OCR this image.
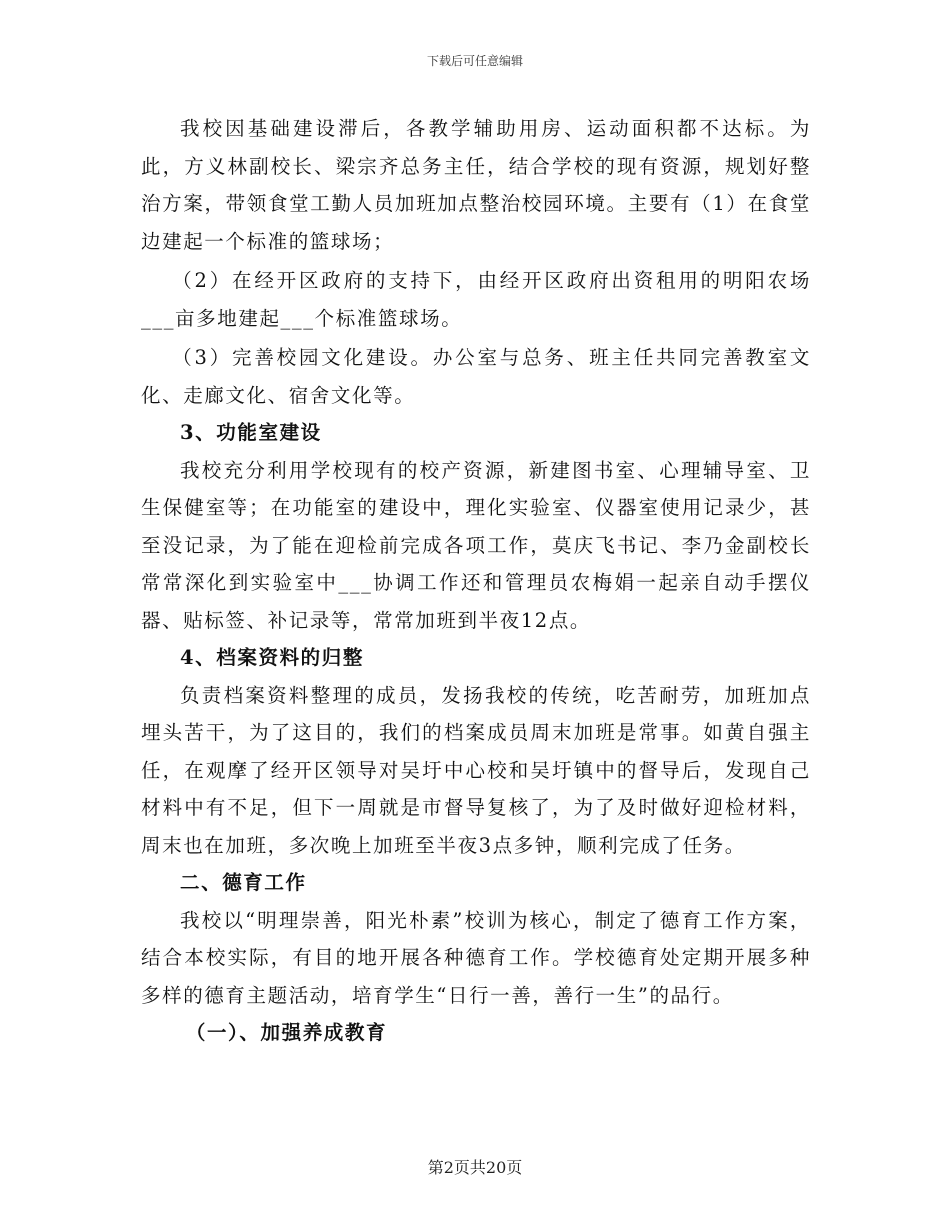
下载后可任意编辑

我校因基础建设滞后，各教学辅助用房、运动面积都不达标。为此，方义林副校长、梁宗齐总务主任，结合学校的现有资源，规划好整治方案，带领食堂工勤人员加班加点整治校园环境。主要有（1）在食堂边建起一个标准的篮球场；

（2）在经开区政府的支持下，由经开区政府出资租用的明阳农场___亩多地建起___个标准篮球场。

（3）完善校园文化建设。办公室与总务、班主任共同完善教室文化、走廊文化、宿舍文化等。

3、功能室建设

我校充分利用学校现有的校产资源，新建图书室、心理辅导室、卫生保健室等；在功能室的建设中，理化实验室、仪器室使用记录少，甚至没记录，为了能在迎检前完成各项工作，莫庆飞书记、李乃金副校长常常深化到实验室中___协调工作还和管理员农梅娟一起亲自动手摆仪器、贴标签、补记录等，常常加班到半夜12点。

4、档案资料的归整

负责档案资料整理的成员，发扬我校的传统，吃苦耐劳，加班加点埋头苦干，为了这目的，我们的档案成员周末加班是常事。如黄自强主任，在观摩了经开区领导对吴圩中心校和吴圩镇中的督导后，发现自己材料中有不足，但下一周就是市督导复核了，为了及时做好迎检材料，周末也在加班，多次晚上加班至半夜3点多钟，顺利完成了任务。

二、德育工作

我校以“明理崇善，阳光朴素”校训为核心，制定了德育工作方案，结合本校实际，有目的地开展各种德育工作。学校德育处定期开展多种多样的德育主题活动，培育学生“日行一善，善行一生”的品行。

（一）、加强养成教育

第2页共20页
